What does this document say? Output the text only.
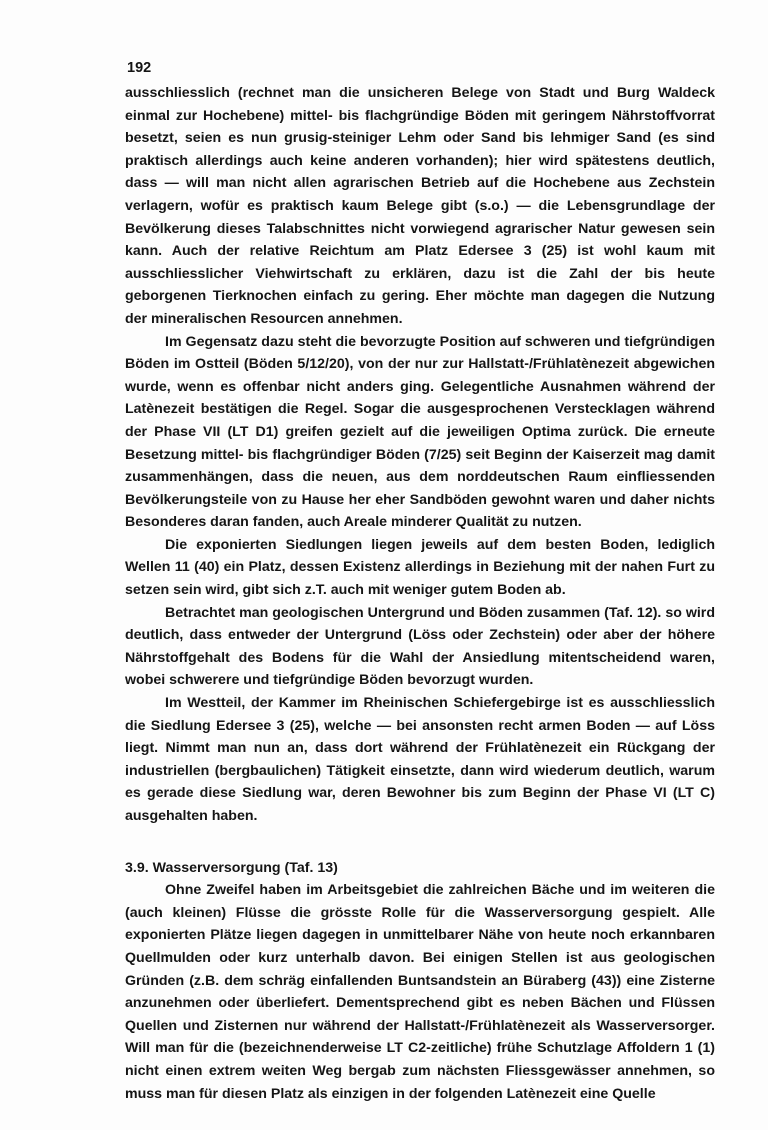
192

ausschliesslich (rechnet man die unsicheren Belege von Stadt und Burg Waldeck einmal zur Hochebene) mittel- bis flachgründige Böden mit geringem Nährstoffvorrat besetzt, seien es nun grusig-steiniger Lehm oder Sand bis lehmiger Sand (es sind praktisch allerdings auch keine anderen vorhanden); hier wird spätestens deutlich, dass — will man nicht allen agrarischen Betrieb auf die Hochebene aus Zechstein verlagern, wofür es praktisch kaum Belege gibt (s.o.) — die Lebensgrundlage der Bevölkerung dieses Talabschnittes nicht vorwiegend agrarischer Natur gewesen sein kann. Auch der relative Reichtum am Platz Edersee 3 (25) ist wohl kaum mit ausschliesslicher Viehwirtschaft zu erklären, dazu ist die Zahl der bis heute geborgenen Tierknochen einfach zu gering. Eher möchte man dagegen die Nutzung der mineralischen Resourcen annehmen.

Im Gegensatz dazu steht die bevorzugte Position auf schweren und tiefgründigen Böden im Ostteil (Böden 5/12/20), von der nur zur Hallstatt-/Frühlatènezeit abgewichen wurde, wenn es offenbar nicht anders ging. Gelegentliche Ausnahmen während der Latènezeit bestätigen die Regel. Sogar die ausgesprochenen Verstecklagen während der Phase VII (LT D1) greifen gezielt auf die jeweiligen Optima zurück. Die erneute Besetzung mittel- bis flachgründiger Böden (7/25) seit Beginn der Kaiserzeit mag damit zusammenhängen, dass die neuen, aus dem norddeutschen Raum einfliessenden Bevölkerungsteile von zu Hause her eher Sandböden gewohnt waren und daher nichts Besonderes daran fanden, auch Areale minderer Qualität zu nutzen.

Die exponierten Siedlungen liegen jeweils auf dem besten Boden, lediglich Wellen 11 (40) ein Platz, dessen Existenz allerdings in Beziehung mit der nahen Furt zu setzen sein wird, gibt sich z.T. auch mit weniger gutem Boden ab.

Betrachtet man geologischen Untergrund und Böden zusammen (Taf. 12). so wird deutlich, dass entweder der Untergrund (Löss oder Zechstein) oder aber der höhere Nährstoffgehalt des Bodens für die Wahl der Ansiedlung mitentscheidend waren, wobei schwerere und tiefgründige Böden bevorzugt wurden.

Im Westteil, der Kammer im Rheinischen Schiefergebirge ist es ausschliesslich die Siedlung Edersee 3 (25), welche — bei ansonsten recht armen Boden — auf Löss liegt. Nimmt man nun an, dass dort während der Frühlatènezeit ein Rückgang der industriellen (bergbaulichen) Tätigkeit einsetzte, dann wird wiederum deutlich, warum es gerade diese Siedlung war, deren Bewohner bis zum Beginn der Phase VI (LT C) ausgehalten haben.

3.9. Wasserversorgung (Taf. 13)

Ohne Zweifel haben im Arbeitsgebiet die zahlreichen Bäche und im weiteren die (auch kleinen) Flüsse die grösste Rolle für die Wasserversorgung gespielt. Alle exponierten Plätze liegen dagegen in unmittelbarer Nähe von heute noch erkannbaren Quellmulden oder kurz unterhalb davon. Bei einigen Stellen ist aus geologischen Gründen (z.B. dem schräg einfallenden Buntsandstein an Büraberg (43)) eine Zisterne anzunehmen oder überliefert. Dementsprechend gibt es neben Bächen und Flüssen Quellen und Zisternen nur während der Hallstatt-/Frühlatènezeit als Wasserversorger. Will man für die (bezeichnenderweise LT C2-zeitliche) frühe Schutzlage Affoldern 1 (1) nicht einen extrem weiten Weg bergab zum nächsten Fliessgewässer annehmen, so muss man für diesen Platz als einzigen in der folgenden Latènezeit eine Quelle
